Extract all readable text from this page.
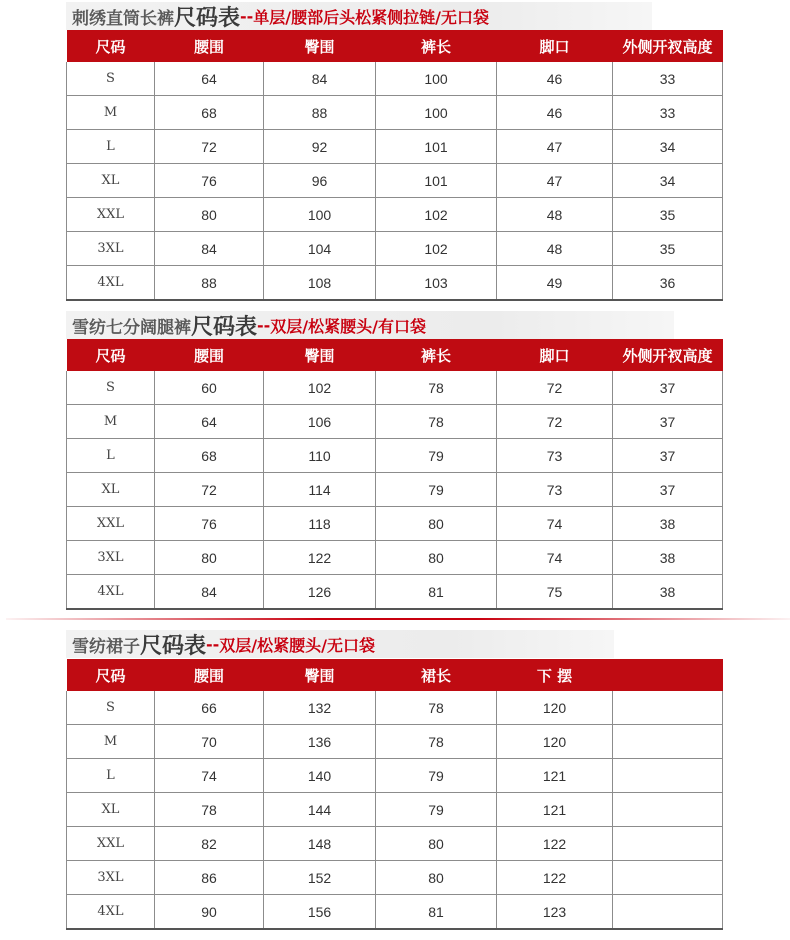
刺绣直筒长裤 尺码表 -- 单层/腰部后头松紧侧拉链/无口袋
尺码	腰围	臀围	裤长	脚口	外侧开衩高度
S	64	84	100	46	33
M	68	88	100	46	33
L	72	92	101	47	34
XL	76	96	101	47	34
XXL	80	100	102	48	35
3XL	84	104	102	48	35
4XL	88	108	103	49	36
雪纺七分阔腿裤 尺码表 -- 双层/松紧腰头/有口袋
尺码	腰围	臀围	裤长	脚口	外侧开衩高度
S	60	102	78	72	37
M	64	106	78	72	37
L	68	110	79	73	37
XL	72	114	79	73	37
XXL	76	118	80	74	38
3XL	80	122	80	74	38
4XL	84	126	81	75	38
雪纺裙子 尺码表 -- 双层/松紧腰头/无口袋
尺码	腰围	臀围	裙长	下 摆	
S	66	132	78	120	
M	70	136	78	120	
L	74	140	79	121	
XL	78	144	79	121	
XXL	82	148	80	122	
3XL	86	152	80	122	
4XL	90	156	81	123	
